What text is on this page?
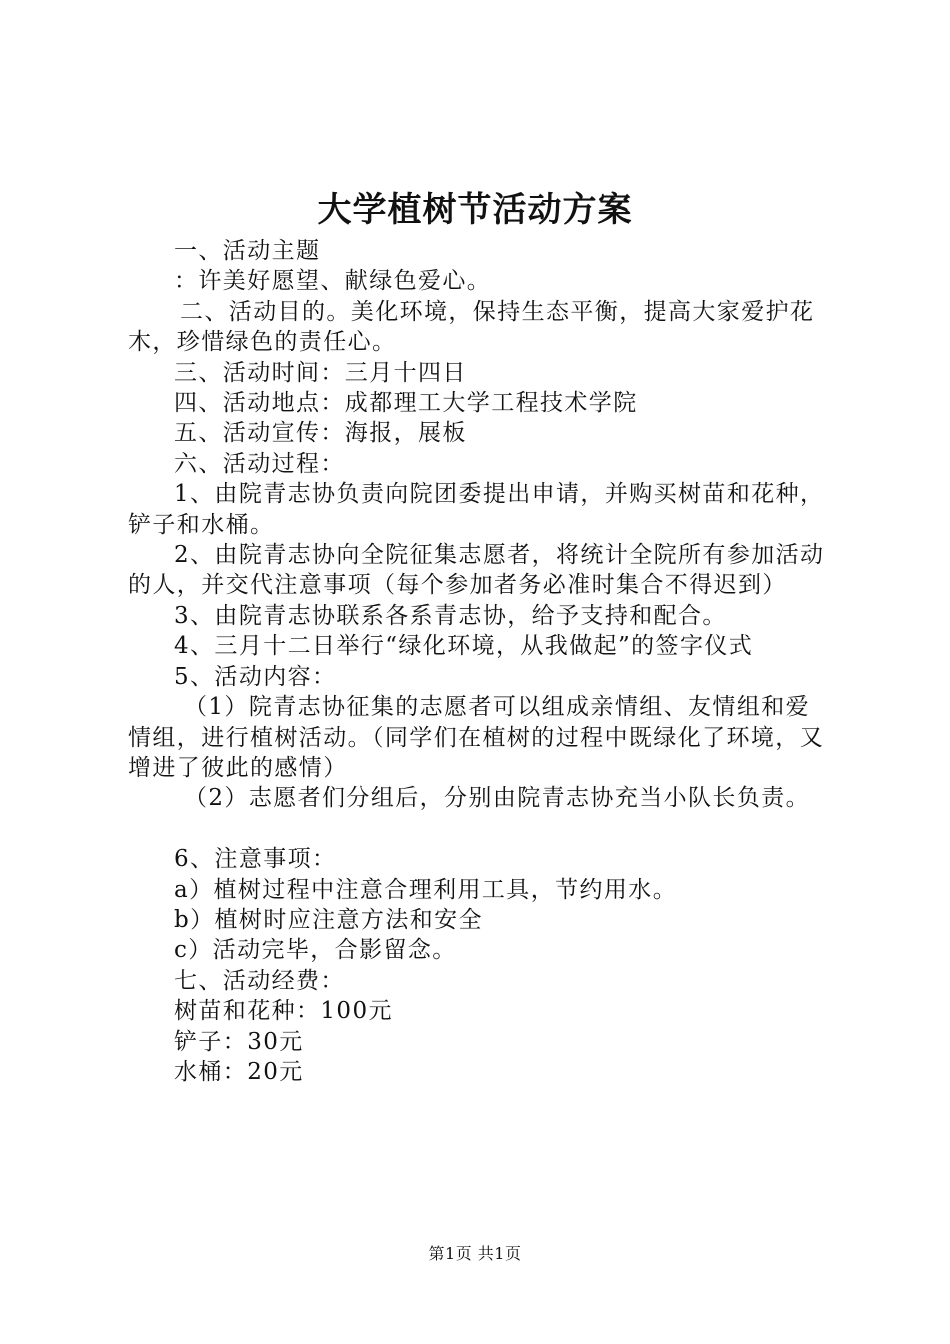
大学植树节活动方案

一、活动主题

：许美好愿望、献绿色爱心。

二、活动目的。美化环境，保持生态平衡，提高大家爱护花木，珍惜绿色的责任心。

三、活动时间：三月十四日

四、活动地点：成都理工大学工程技术学院

五、活动宣传：海报，展板

六、活动过程：

1、由院青志协负责向院团委提出申请，并购买树苗和花种，铲子和水桶。

2、由院青志协向全院征集志愿者，将统计全院所有参加活动的人，并交代注意事项（每个参加者务必准时集合不得迟到）

3、由院青志协联系各系青志协，给予支持和配合。

4、三月十二日举行“绿化环境，从我做起”的签字仪式

5、活动内容：

（1）院青志协征集的志愿者可以组成亲情组、友情组和爱情组，进行植树活动。（同学们在植树的过程中既绿化了环境，又增进了彼此的感情）

（2）志愿者们分组后，分别由院青志协充当小队长负责。

6、注意事项：

a）植树过程中注意合理利用工具，节约用水。

b）植树时应注意方法和安全

c）活动完毕，合影留念。

七、活动经费：

树苗和花种：100元

铲子：30元

水桶：20元

第1页 共1页
